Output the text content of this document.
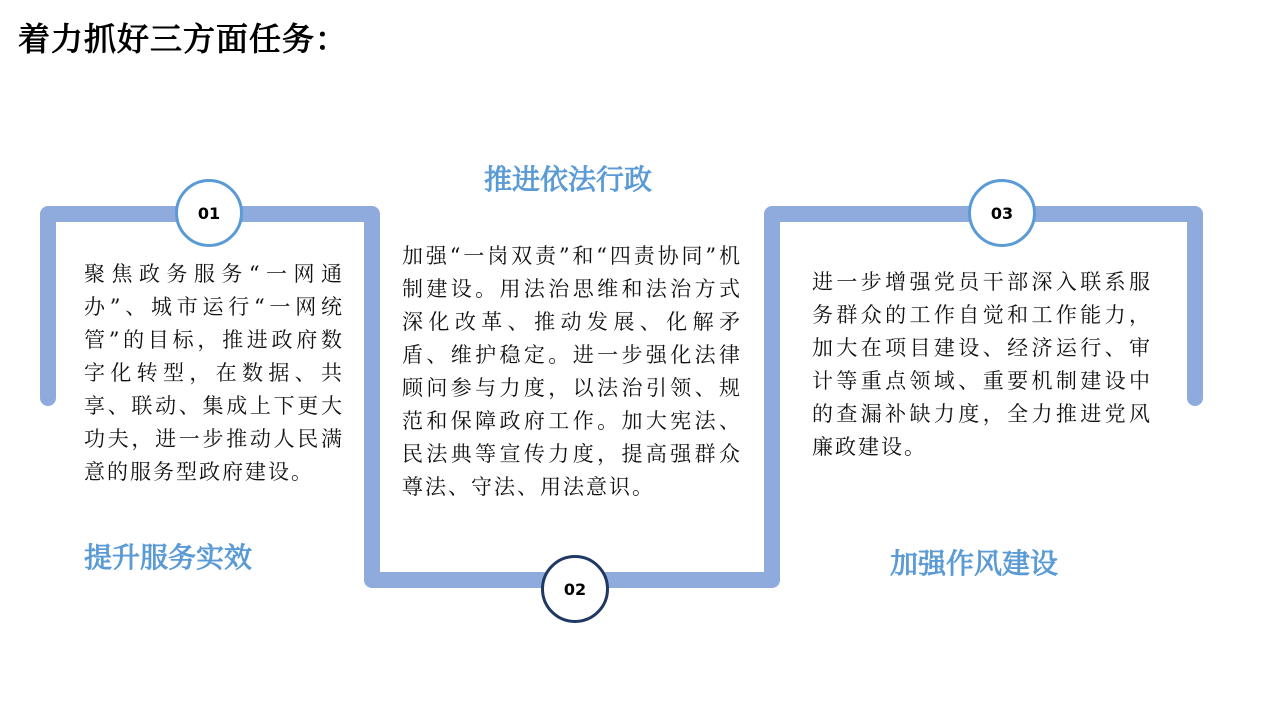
着力抓好三方面任务：
聚焦政务服务“一网通办”、城市运行“一网统管”的目标，推进政府数字化转型，在数据、共享、联动、集成上下更大功夫，进一步推动人民满意的服务型政府建设。
提升服务实效
01
推进依法行政
加强“一岗双责”和“四责协同”机制建设。用法治思维和法治方式深化改革、推动发展、化解矛盾、维护稳定。进一步强化法律顾问参与力度，以法治引领、规范和保障政府工作。加大宪法、民法典等宣传力度，提高强群众尊法、守法、用法意识。
02
进一步增强党员干部深入联系服务群众的工作自觉和工作能力，加大在项目建设、经济运行、审计等重点领域、重要机制建设中的查漏补缺力度，全力推进党风廉政建设。
加强作风建设
03
